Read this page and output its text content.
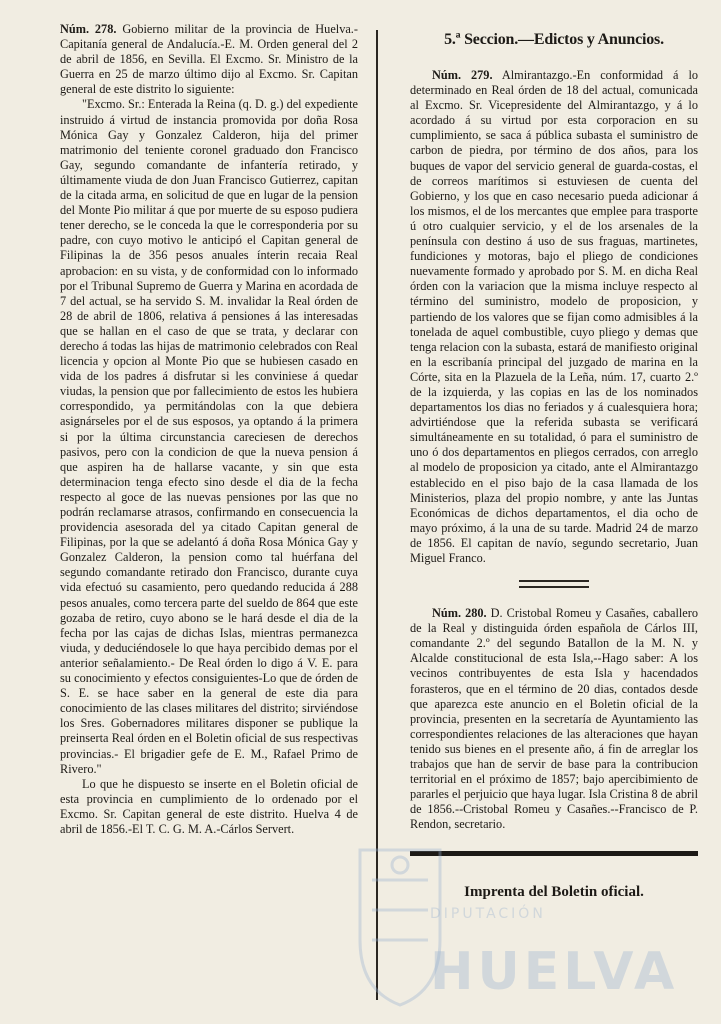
Núm. 278. Gobierno militar de la provincia de Huelva.-Capitanía general de Andalucía.-E. M. Orden general del 2 de abril de 1856, en Sevilla. El Excmo. Sr. Ministro de la Guerra en 25 de marzo último dijo al Excmo. Sr. Capitan general de este distrito lo siguiente:

"Excmo. Sr.: Enterada la Reina (q. D. g.) del expediente instruido á virtud de instancia promovida por doña Rosa Mónica Gay y Gonzalez Calderon, hija del primer matrimonio del teniente coronel graduado don Francisco Gay, segundo comandante de infantería retirado, y últimamente viuda de don Juan Francisco Gutierrez, capitan de la citada arma, en solicitud de que en lugar de la pension del Monte Pio militar á que por muerte de su esposo pudiera tener derecho, se le conceda la que le corresponderia por su padre, con cuyo motivo le anticipó el Capitan general de Filipinas la de 356 pesos anuales ínterin recaia Real aprobacion: en su vista, y de conformidad con lo informado por el Tribunal Supremo de Guerra y Marina en acordada de 7 del actual, se ha servido S. M. invalidar la Real órden de 28 de abril de 1806, relativa á pensiones á las interesadas que se hallan en el caso de que se trata, y declarar con derecho á todas las hijas de matrimonio celebrados con Real licencia y opcion al Monte Pio que se hubiesen casado en vida de los padres á disfrutar si les conviniese á quedar viudas, la pension que por fallecimiento de estos les hubiera correspondido, ya permitándolas con la que debiera asignárseles por el de sus esposos, ya optando á la primera si por la última circunstancia careciesen de derechos pasivos, pero con la condicion de que la nueva pension á que aspiren ha de hallarse vacante, y sin que esta determinacion tenga efecto sino desde el dia de la fecha respecto al goce de las nuevas pensiones por las que no podrán reclamarse atrasos, confirmando en consecuencia la providencia asesorada del ya citado Capitan general de Filipinas, por la que se adelantó á doña Rosa Mónica Gay y Gonzalez Calderon, la pension como tal huérfana del segundo comandante retirado don Francisco, durante cuya vida efectuó su casamiento, pero quedando reducida á 288 pesos anuales, como tercera parte del sueldo de 864 que este gozaba de retiro, cuyo abono se le hará desde el dia de la fecha por las cajas de dichas Islas, mientras permanezca viuda, y deduciéndosele lo que haya percibido demas por el anterior señalamiento.- De Real órden lo digo á V. E. para su conocimiento y efectos consiguientes-Lo que de órden de S. E. se hace saber en la general de este dia para conocimiento de las clases militares del distrito; sirviéndose los Sres. Gobernadores militares disponer se publique la preinserta Real órden en el Boletin oficial de sus respectivas provincias.- El brigadier gefe de E. M., Rafael Primo de Rivero."

Lo que he dispuesto se inserte en el Boletin oficial de esta provincia en cumplimiento de lo ordenado por el Excmo. Sr. Capitan general de este distrito. Huelva 4 de abril de 1856.-El T. C. G. M. A.-Cárlos Servert.

5.ª Seccion.—Edictos y Anuncios.

Núm. 279. Almirantazgo.-En conformidad á lo determinado en Real órden de 18 del actual, comunicada al Excmo. Sr. Vicepresidente del Almirantazgo, y á lo acordado á su virtud por esta corporacion en su cumplimiento, se saca á pública subasta el suministro de carbon de piedra, por término de dos años, para los buques de vapor del servicio general de guarda-costas, el de correos marítimos si estuviesen de cuenta del Gobierno, y los que en caso necesario pueda adicionar á los mismos, el de los mercantes que emplee para trasporte ú otro cualquier servicio, y el de los arsenales de la península con destino á uso de sus fraguas, martinetes, fundiciones y motoras, bajo el pliego de condiciones nuevamente formado y aprobado por S. M. en dicha Real órden con la variacion que la misma incluye respecto al término del suministro, modelo de proposicion, y partiendo de los valores que se fijan como admisibles á la tonelada de aquel combustible, cuyo pliego y demas que tenga relacion con la subasta, estará de manifiesto original en la escribanía principal del juzgado de marina en la Córte, sita en la Plazuela de la Leña, núm. 17, cuarto 2.º de la izquierda, y las copias en las de los nominados departamentos los dias no feriados y á cualesquiera hora; advirtiéndose que la referida subasta se verificará simultáneamente en su totalidad, ó para el suministro de uno ó dos departamentos en pliegos cerrados, con arreglo al modelo de proposicion ya citado, ante el Almirantazgo establecido en el piso bajo de la casa llamada de los Ministerios, plaza del propio nombre, y ante las Juntas Económicas de dichos departamentos, el dia ocho de mayo próximo, á la una de su tarde. Madrid 24 de marzo de 1856. El capitan de navío, segundo secretario, Juan Miguel Franco.

Núm. 280. D. Cristobal Romeu y Casañes, caballero de la Real y distinguida órden española de Cárlos III, comandante 2.º del segundo Batallon de la M. N. y Alcalde constitucional de esta Isla,--Hago saber: A los vecinos contribuyentes de esta Isla y hacendados forasteros, que en el término de 20 dias, contados desde que aparezca este anuncio en el Boletin oficial de la provincia, presenten en la secretaría de Ayuntamiento las correspondientes relaciones de las alteraciones que hayan tenido sus bienes en el presente año, á fin de arreglar los trabajos que han de servir de base para la contribucion territorial en el próximo de 1857; bajo apercibimiento de pararles el perjuicio que haya lugar. Isla Cristina 8 de abril de 1856.--Cristobal Romeu y Casañes.--Francisco de P. Rendon, secretario.

Imprenta del Boletin oficial.
DIPUTACIÓN
HUELVA
